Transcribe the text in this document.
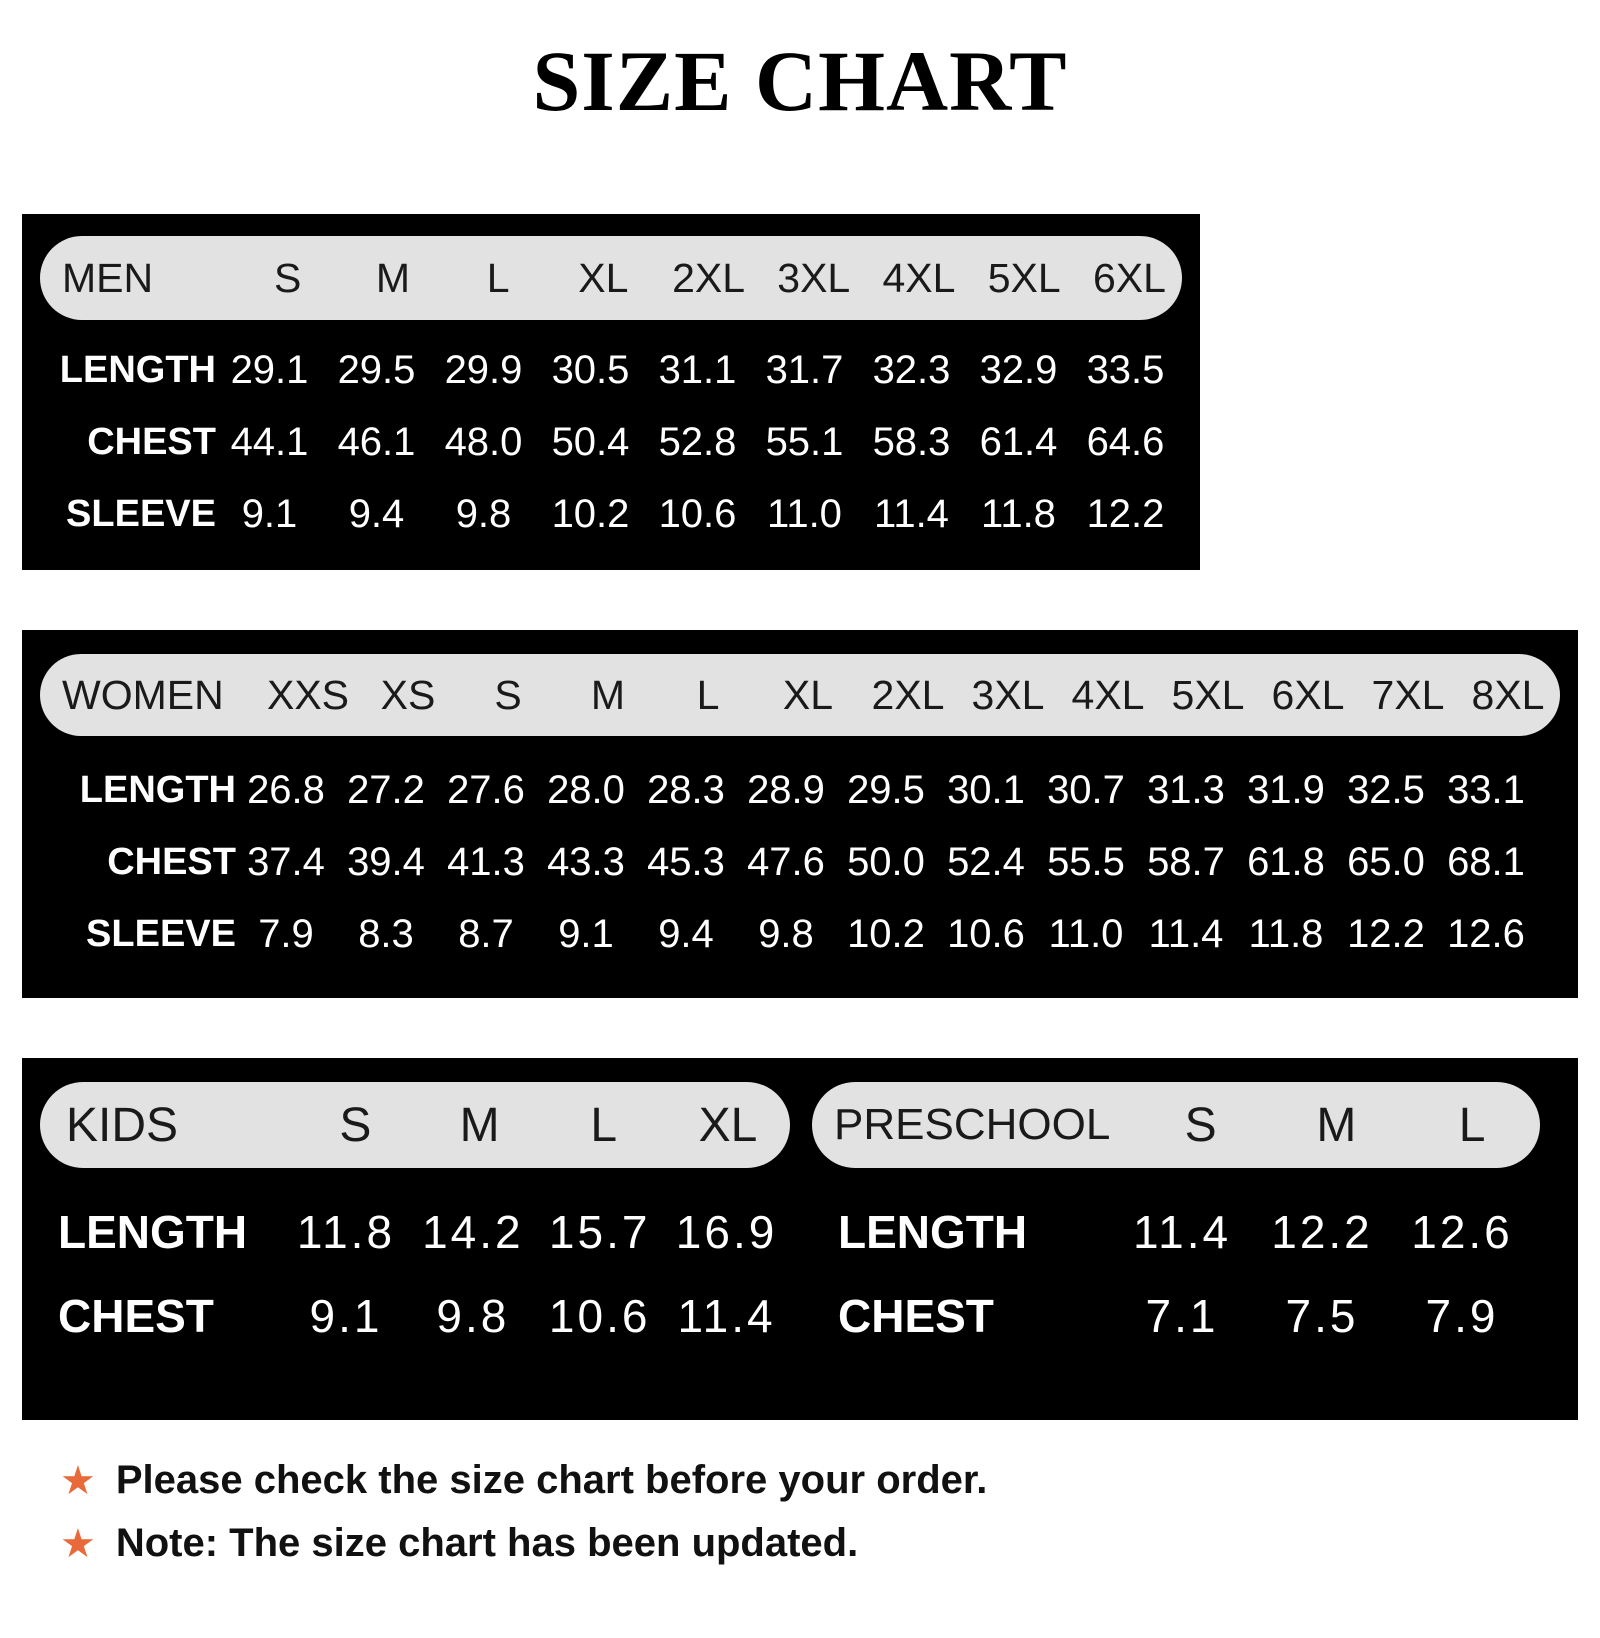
SIZE CHART
MEN	S	M	L	XL	2XL 3XL 4XL 5XL 6XL
LENGTH 29.1 29.5 29.9 30.5 31.1 31.7 32.3 32.9 33.5
CHEST 44.1 46.1 48.0 50.4 52.8 55.1 58.3 61.4 64.6
SLEEVE 9.1	9.4	9.8	10.2 10.6 11.0 11.4 11.8 12.2
WOMEN	XXS XS	S	M	L	XL 2XL 3XL 4XL 5XL 6XL 7XL 8XL
LENGTH 26.8 27.2 27.6 28.0 28.3 28.9 29.5 30.1 30.7 31.3 31.9 32.5 33.1
CHEST 37.4 39.4 41.3 43.3 45.3 47.6 50.0 52.4 55.5 58.7 61.8 65.0 68.1
SLEEVE 7.9	8.3	8.7	9.1	9.4	9.8 10.2 10.6 11.0 11.4 11.8 12.2 12.6
KIDS	S	M	L	XL
LENGTH	11.8 14.2 15.7 16.9
CHEST	9.1	9.8 10.6 11.4
PRESCHOOL	S	M	L
LENGTH	11.4 12.2 12.6
CHEST	7.1	7.5	7.9
★ Please check the size chart before your order.
★ Note: The size chart has been updated.
